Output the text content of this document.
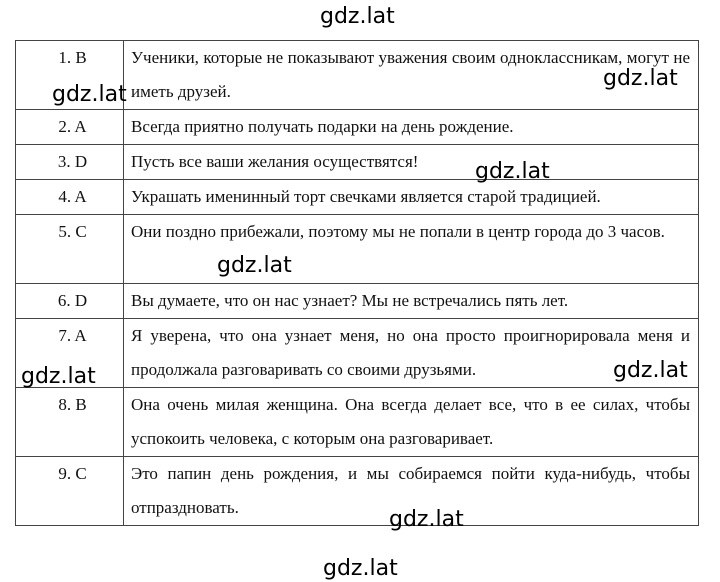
gdz.lat
1. B	Ученики, которые не показывают уважения своим одноклассникам, могут не иметь друзей.
2. A	Всегда приятно получать подарки на день рождение.
3. D	Пусть все ваши желания осуществятся!
4. A	Украшать именинный торт свечками является старой традицией.
5. C	Они поздно прибежали, поэтому мы не попали в центр города до 3 часов.
6. D	Вы думаете, что он нас узнает? Мы не встречались пять лет.
7. A	Я уверена, что она узнает меня, но она просто проигнорировала меня и продолжала разговаривать со своими друзьями.
8. B	Она очень милая женщина. Она всегда делает все, что в ее силах, чтобы успокоить человека, с которым она разговаривает.
9. C	Это папин день рождения, и мы собираемся пойти куда-нибудь, чтобы отпраздновать.
gdz.lat
gdz.lat
gdz.lat
gdz.lat
gdz.lat	gdz.lat
gdz.lat
gdz.lat
